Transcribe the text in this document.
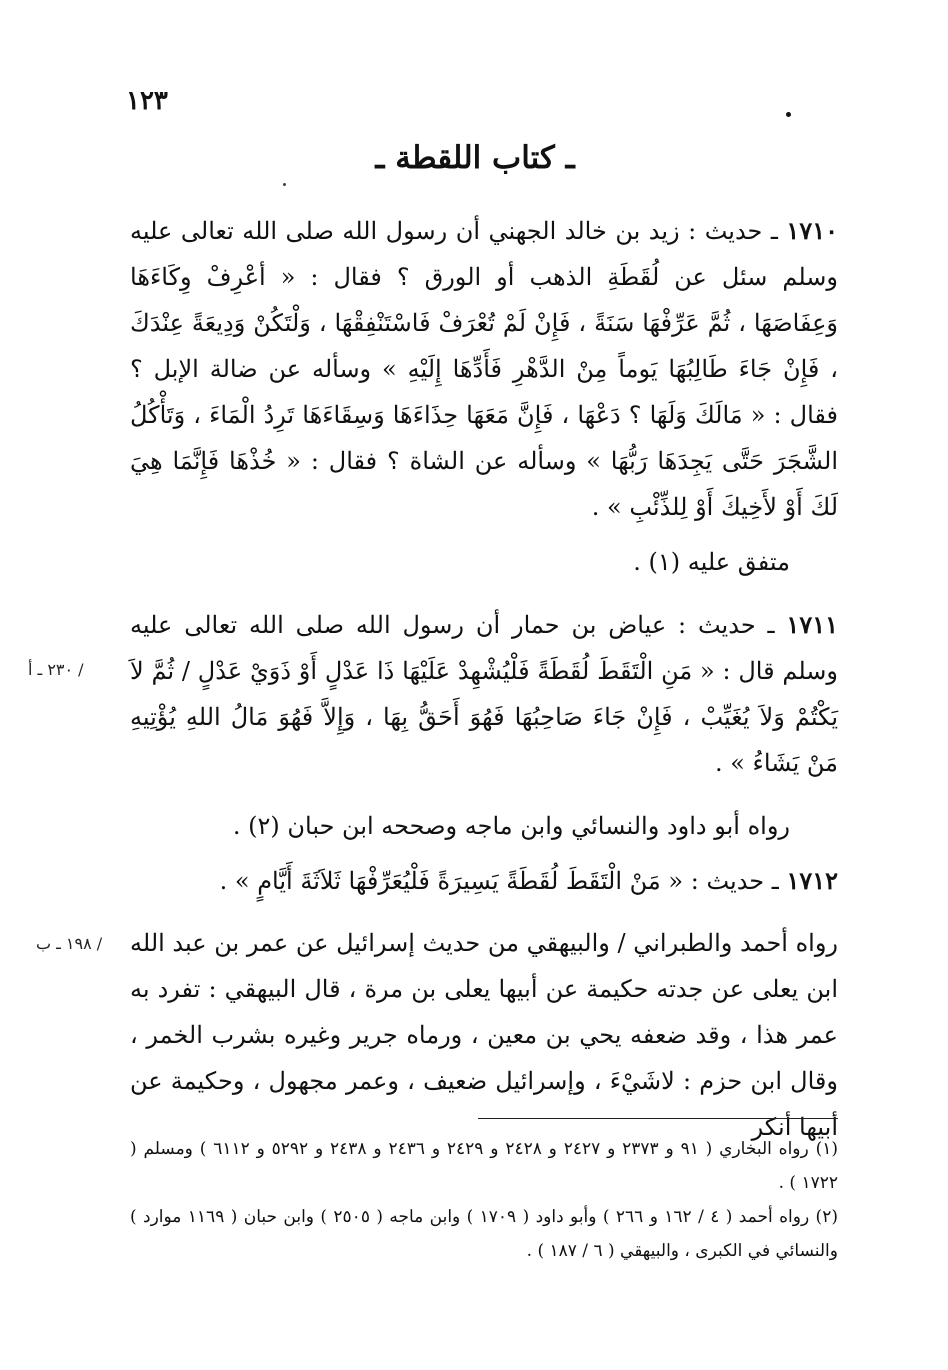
١٢٣
ـ كتاب اللقطة ـ
١٧١٠ ـ حديث : زيد بن خالد الجهني أن رسول الله صلى الله تعالى عليه وسلم سئل عن لُقَطَةِ الذهب أو الورق ؟ فقال : « أعْرِفْ وِكَاءَهَا وَعِفَاصَهَا ، ثُمَّ عَرِّفْهَا سَنَةً ، فَإِنْ لَمْ تُعْرَفْ فَاسْتَنْفِقْهَا ، وَلْتَكُنْ وَدِيعَةً عِنْدَكَ ، فَإِنْ جَاءَ طَالِبُهَا يَوماً مِنْ الدَّهْرِ فَأَدِّهَا إِلَيْهِ » وسأله عن ضالة الإبل ؟ فقال : « مَالَكَ وَلَهَا ؟ دَعْهَا ، فَإِنَّ مَعَهَا حِذَاءَهَا وَسِقَاءَهَا تَرِدُ الْمَاءَ ، وَتَأْكُلُ الشَّجَرَ حَتَّى يَجِدَهَا رَبُّهَا » وسأله عن الشاة ؟ فقال : « خُذْهَا فَإِنَّمَا هِيَ لَكَ أَوْ لأَخِيكَ أَوْ لِلذِّئْبِ » .
متفق عليه (١) .
١٧١١ ـ حديث : عياض بن حمار أن رسول الله صلى الله تعالى عليه وسلم قال : « مَنِ الْتَقَطَ لُقَطَةً فَلْيُشْهِدْ عَلَيْهَا ذَا عَدْلٍ أَوْ ذَوَيْ عَدْلٍ / ثُمَّ لاَ يَكْتُمْ وَلاَ يُغَيِّبْ ، فَإِنْ جَاءَ صَاحِبُهَا فَهُوَ أَحَقُّ بِهَا ، وَإِلاَّ فَهُوَ مَالُ اللهِ يُؤْتِيهِ مَنْ يَشَاءُ » .
/ ٢٣٠ ـ أ
رواه أبو داود والنسائي وابن ماجه وصححه ابن حبان (٢) .
١٧١٢ ـ حديث : « مَنْ الْتَقَطَ لُقَطَةً يَسِيرَةً فَلْيُعَرِّفْهَا ثَلاَثَةَ أَيَّامٍ » .
رواه أحمد والطبراني / والبيهقي من حديث إسرائيل عن عمر بن عبد الله ابن يعلى عن جدته حكيمة عن أبيها يعلى بن مرة ، قال البيهقي : تفرد به عمر هذا ، وقد ضعفه يحي بن معين ، ورماه جرير وغيره بشرب الخمر ، وقال ابن حزم : لاشَيْءَ ، وإسرائيل ضعيف ، وعمر مجهول ، وحكيمة عن أبيها أنكر
/ ١٩٨ ـ ب
(١) رواه البخاري ( ٩١ و ٢٣٧٣ و ٢٤٢٧ و ٢٤٢٨ و ٢٤٢٩ و ٢٤٣٦ و ٢٤٣٨ و ٥٢٩٢ و ٦١١٢ ) ومسلم ( ١٧٢٢ ) .
(٢) رواه أحمد ( ٤ / ١٦٢ و ٢٦٦ ) وأبو داود ( ١٧٠٩ ) وابن ماجه ( ٢٥٠٥ ) وابن حبان ( ١١٦٩ موارد ) والنسائي في الكبرى ، والبيهقي ( ٦ / ١٨٧ ) .
